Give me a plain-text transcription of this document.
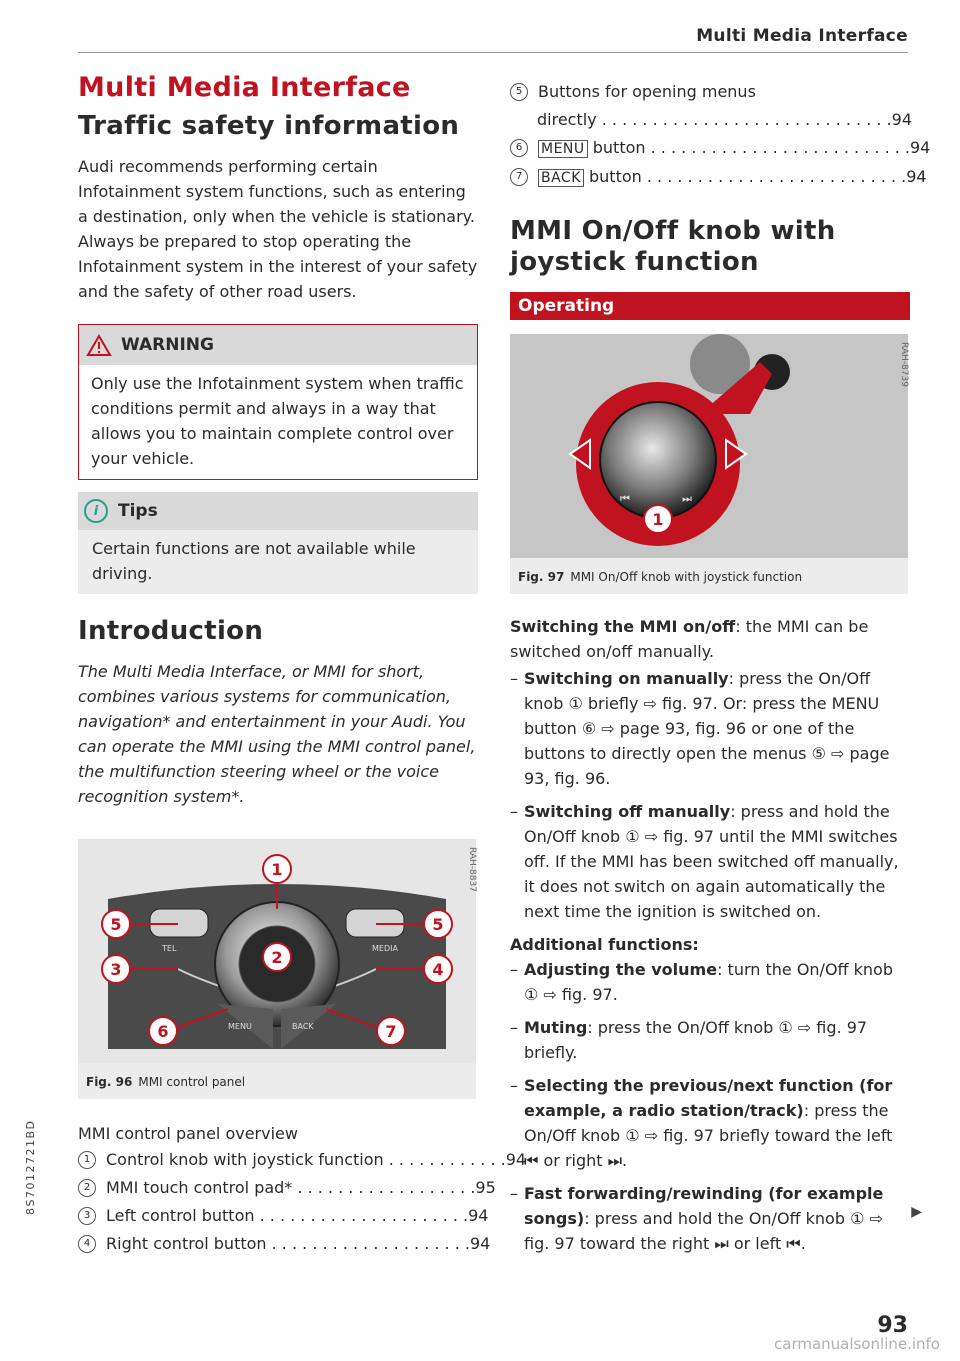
Multi Media Interface
Multi Media Interface
Traffic safety information

Audi recommends performing certain Infotainment system functions, such as entering a destination, only when the vehicle is stationary. Always be prepared to stop operating the Infotainment system in the interest of your safety and the safety of other road users.

WARNING
Only use the Infotainment system when traffic conditions permit and always in a way that allows you to maintain complete control over your vehicle.
i	Tips
Certain functions are not available while driving.
Introduction

The Multi Media Interface, or MMI for short, combines various systems for communication, navigation* and entertainment in your Audi. You can operate the MMI using the MMI control panel, the multifunction steering wheel or the voice recognition system*.

TEL	MEDIA
MENU	BACK
1
2
3	4
5	5
6	7
RAH-8837
Fig. 96 MMI control panel

MMI control panel overview

1 Control knob with joystick function . . . . . . . . . . . . 94
2 MMI touch control pad* . . . . . . . . . . . . . . . . . . 95
3 Left control button . . . . . . . . . . . . . . . . . . . . . 94
4 Right control button . . . . . . . . . . . . . . . . . . . . 94
5 Buttons for opening menus
directly . . . . . . . . . . . . . . . . . . . . . . . . . . . . . 94
6	MENU button . . . . . . . . . . . . . . . . . . . . . . . . . . 94
7	BACK button . . . . . . . . . . . . . . . . . . . . . . . . . . 94
MMI On/Off knob with joystick function
Operating
⏮	⏭
1
RAH-8739
Fig. 97 MMI On/Off knob with joystick function

Switching the MMI on/off: the MMI can be switched on/off manually.

– Switching on manually: press the On/Off knob ① briefly ⇨ fig. 97. Or: press the MENU button ⑥ ⇨ page 93, fig. 96 or one of the buttons to directly open the menus ⑤ ⇨ page 93, fig. 96.
– Switching off manually: press and hold the On/Off knob ① ⇨ fig. 97 until the MMI switches off. If the MMI has been switched off manually, it does not switch on again automatically the next time the ignition is switched on.

Additional functions:

– Adjusting the volume: turn the On/Off knob ① ⇨ fig. 97.
– Muting: press the On/Off knob ① ⇨ fig. 97 briefly.
– Selecting the previous/next function (for example, a radio station/track): press the On/Off knob ① ⇨ fig. 97 briefly toward the left ⏮ or right ⏭.
– Fast forwarding/rewinding (for example songs): press and hold the On/Off knob ① ⇨ fig. 97 toward the right ⏭ or left ⏮.
▶
93
8S7012721BD
carmanualsonline.info
